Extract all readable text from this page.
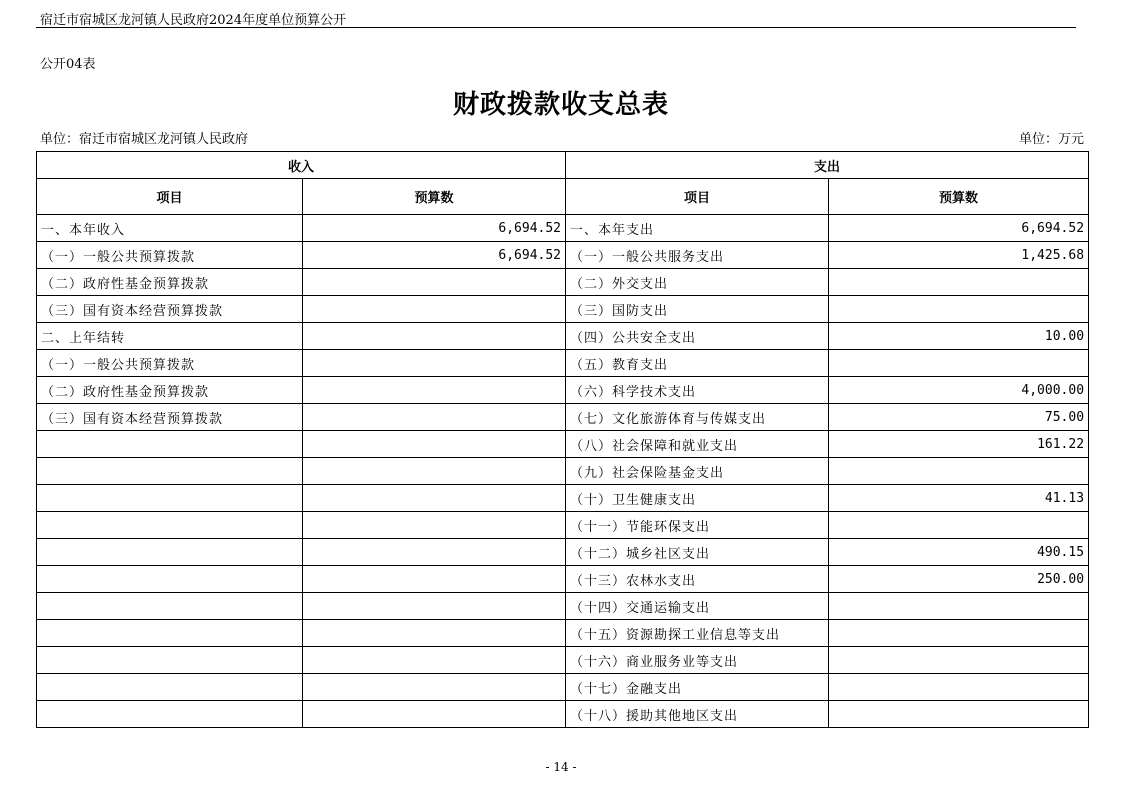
宿迁市宿城区龙河镇人民政府2024年度单位预算公开
公开04表
财政拨款收支总表
单位：宿迁市宿城区龙河镇人民政府	单位：万元
收入		支出	
项目	预算数	项目	预算数
一、本年收入	6,694.52	一、本年支出	6,694.52
（一）一般公共预算拨款	6,694.52	（一）一般公共服务支出	1,425.68
（二）政府性基金预算拨款		（二）外交支出	
（三）国有资本经营预算拨款		（三）国防支出	
二、上年结转		（四）公共安全支出	10.00
（一）一般公共预算拨款		（五）教育支出	
（二）政府性基金预算拨款		（六）科学技术支出	4,000.00
（三）国有资本经营预算拨款		（七）文化旅游体育与传媒支出	75.00
		（八）社会保障和就业支出	161.22
		（九）社会保险基金支出	
		（十）卫生健康支出	41.13
		（十一）节能环保支出	
		（十二）城乡社区支出	490.15
		（十三）农林水支出	250.00
		（十四）交通运输支出	
		（十五）资源勘探工业信息等支出	
		（十六）商业服务业等支出	
		（十七）金融支出	
		（十八）援助其他地区支出	
- 14 -
